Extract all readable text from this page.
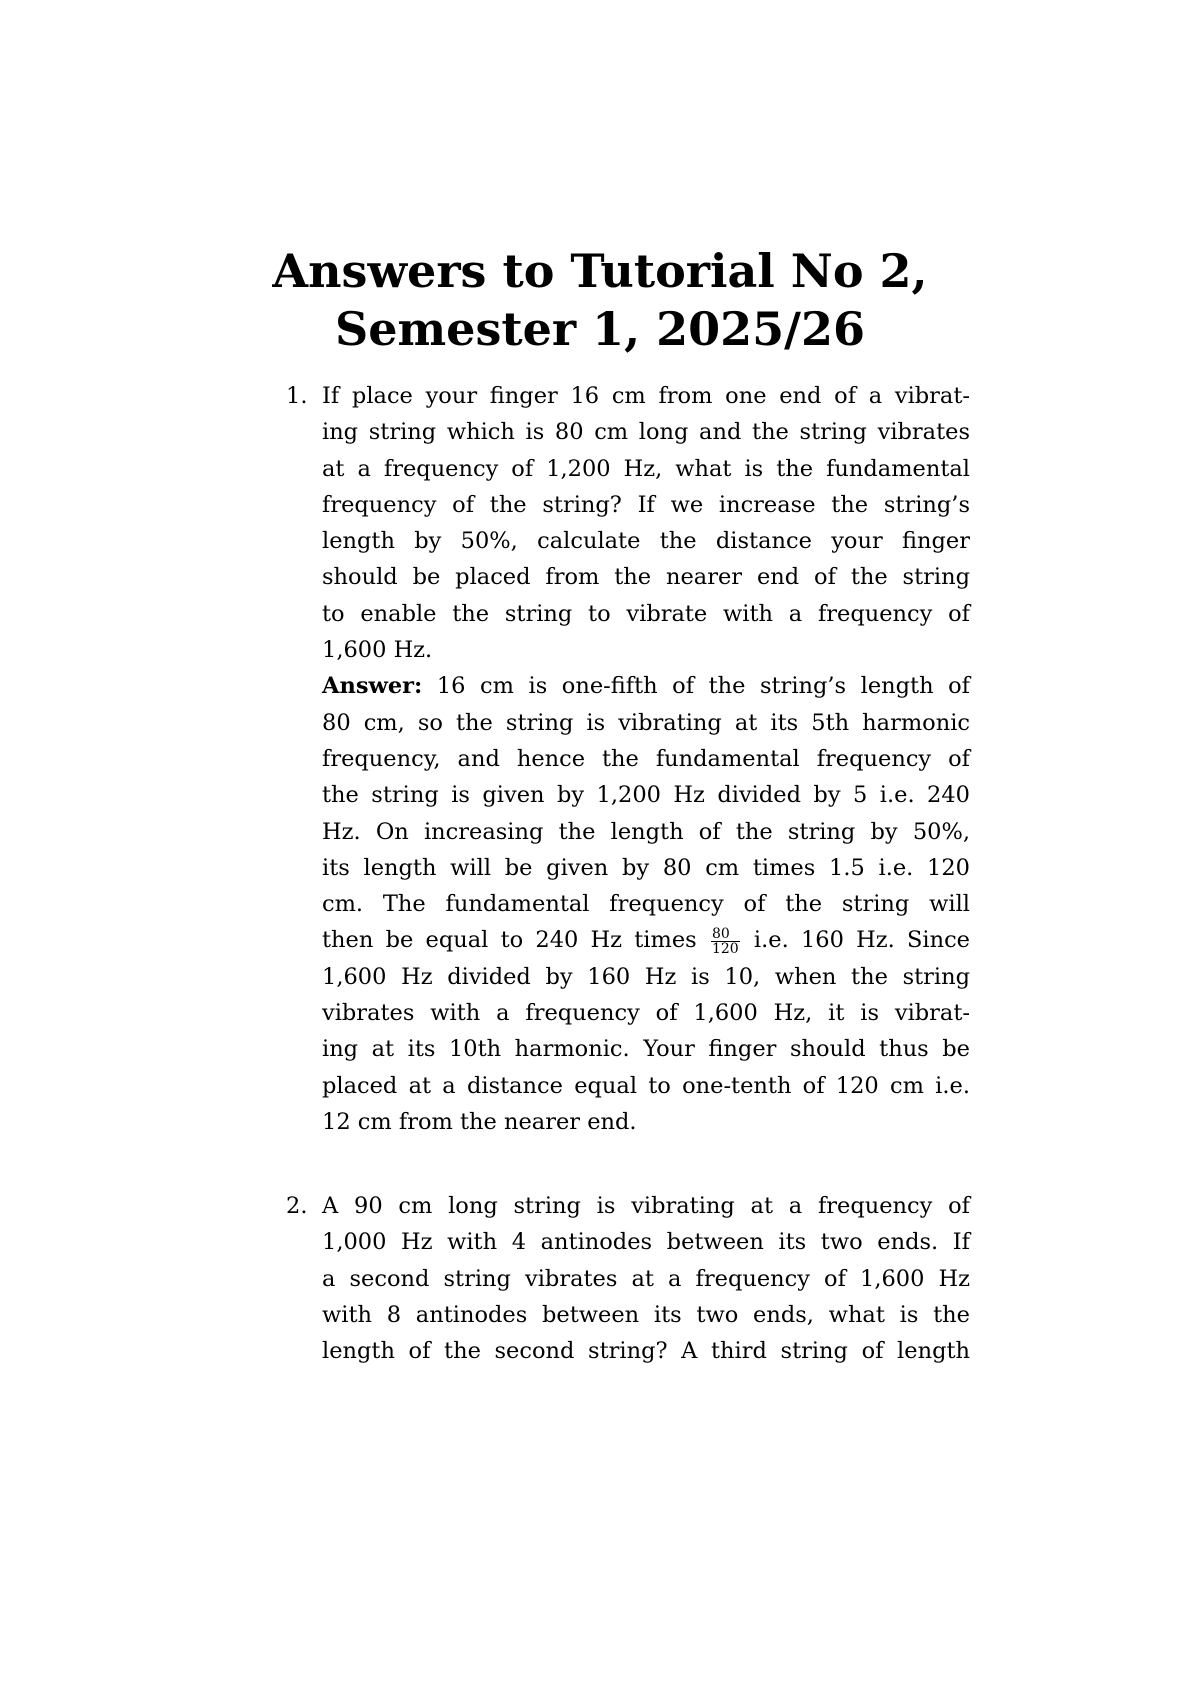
Answers to Tutorial No 2,
Semester 1, 2025/26
1. If place your finger 16 cm from one end of a vibrat-
ing string which is 80 cm long and the string vibrates
at a frequency of 1,200 Hz, what is the fundamental
frequency of the string? If we increase the string’s
length by 50%, calculate the distance your finger
should be placed from the nearer end of the string
to enable the string to vibrate with a frequency of
1,600 Hz.
Answer: 16 cm is one-fifth of the string’s length of
80 cm, so the string is vibrating at its 5th harmonic
frequency, and hence the fundamental frequency of
the string is given by 1,200 Hz divided by 5 i.e. 240
Hz. On increasing the length of the string by 50%,
its length will be given by 80 cm times 1.5 i.e. 120
cm. The fundamental frequency of the string will
then be equal to 240 Hz times $\frac{80}{120} i.e$. 160 Hz. Since
1,600 Hz divided by 160 Hz is 10, when the string
vibrates with a frequency of 1,600 Hz, it is vibrat-
ing at its 10th harmonic. Your finger should thus be
placed at a distance equal to one-tenth of 120 cm i.e.
12 cm from the nearer end.
2. A 90 cm long string is vibrating at a frequency of
1,000 Hz with 4 antinodes between its two ends. If
a second string vibrates at a frequency of 1,600 Hz
with 8 antinodes between its two ends, what is the
length of the second string? A third string of length
